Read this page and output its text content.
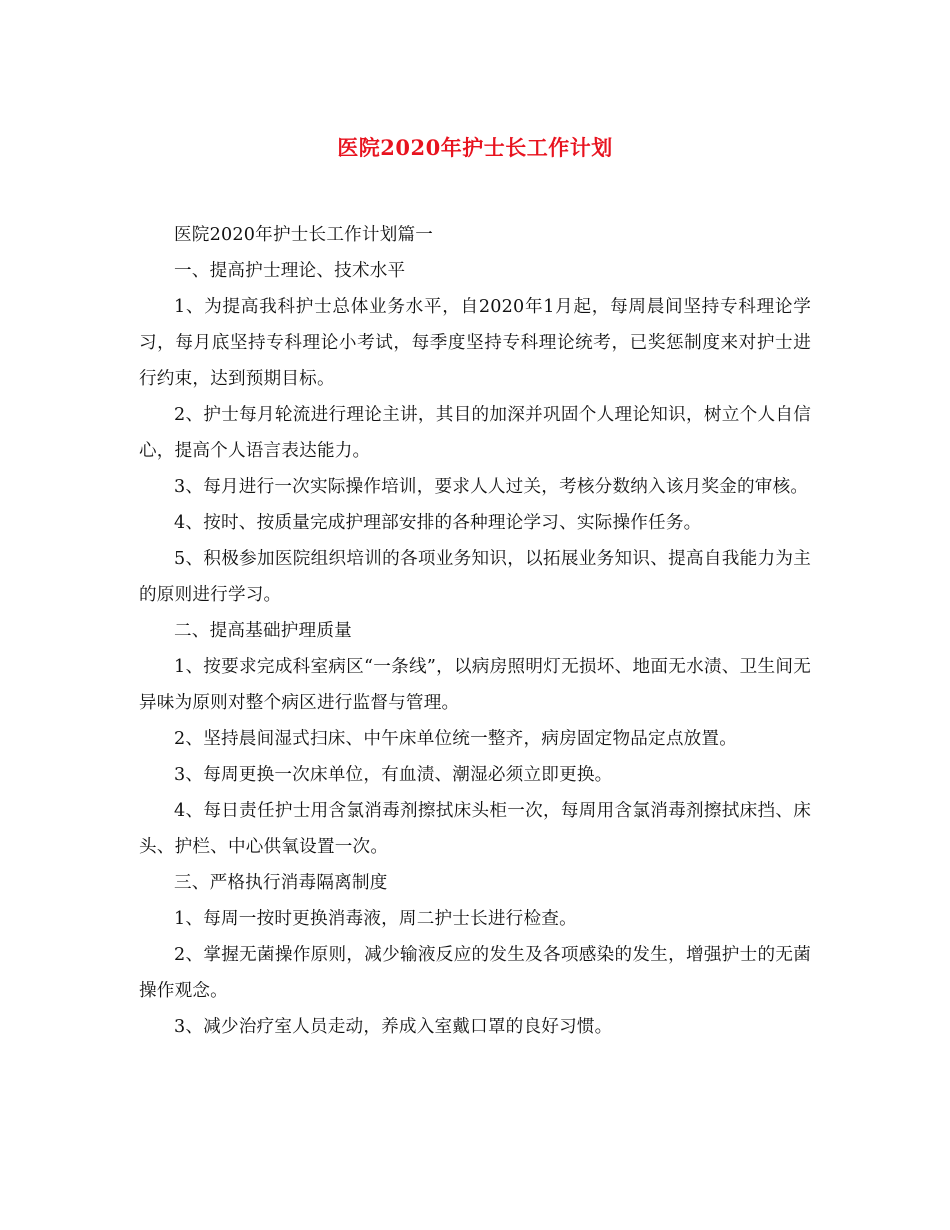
医院2020年护士长工作计划

医院2020年护士长工作计划篇一

一、提高护士理论、技术水平

1、为提高我科护士总体业务水平，自2020年1月起，每周晨间坚持专科理论学习，每月底坚持专科理论小考试，每季度坚持专科理论统考，已奖惩制度来对护士进行约束，达到预期目标。

2、护士每月轮流进行理论主讲，其目的加深并巩固个人理论知识，树立个人自信心，提高个人语言表达能力。

3、每月进行一次实际操作培训，要求人人过关，考核分数纳入该月奖金的审核。

4、按时、按质量完成护理部安排的各种理论学习、实际操作任务。

5、积极参加医院组织培训的各项业务知识，以拓展业务知识、提高自我能力为主的原则进行学习。

二、提高基础护理质量

1、按要求完成科室病区“一条线”，以病房照明灯无损坏、地面无水渍、卫生间无异味为原则对整个病区进行监督与管理。

2、坚持晨间湿式扫床、中午床单位统一整齐，病房固定物品定点放置。

3、每周更换一次床单位，有血渍、潮湿必须立即更换。

4、每日责任护士用含氯消毒剂擦拭床头柜一次，每周用含氯消毒剂擦拭床挡、床头、护栏、中心供氧设置一次。

三、严格执行消毒隔离制度

1、每周一按时更换消毒液，周二护士长进行检查。

2、掌握无菌操作原则，减少输液反应的发生及各项感染的发生，增强护士的无菌操作观念。

3、减少治疗室人员走动，养成入室戴口罩的良好习惯。
